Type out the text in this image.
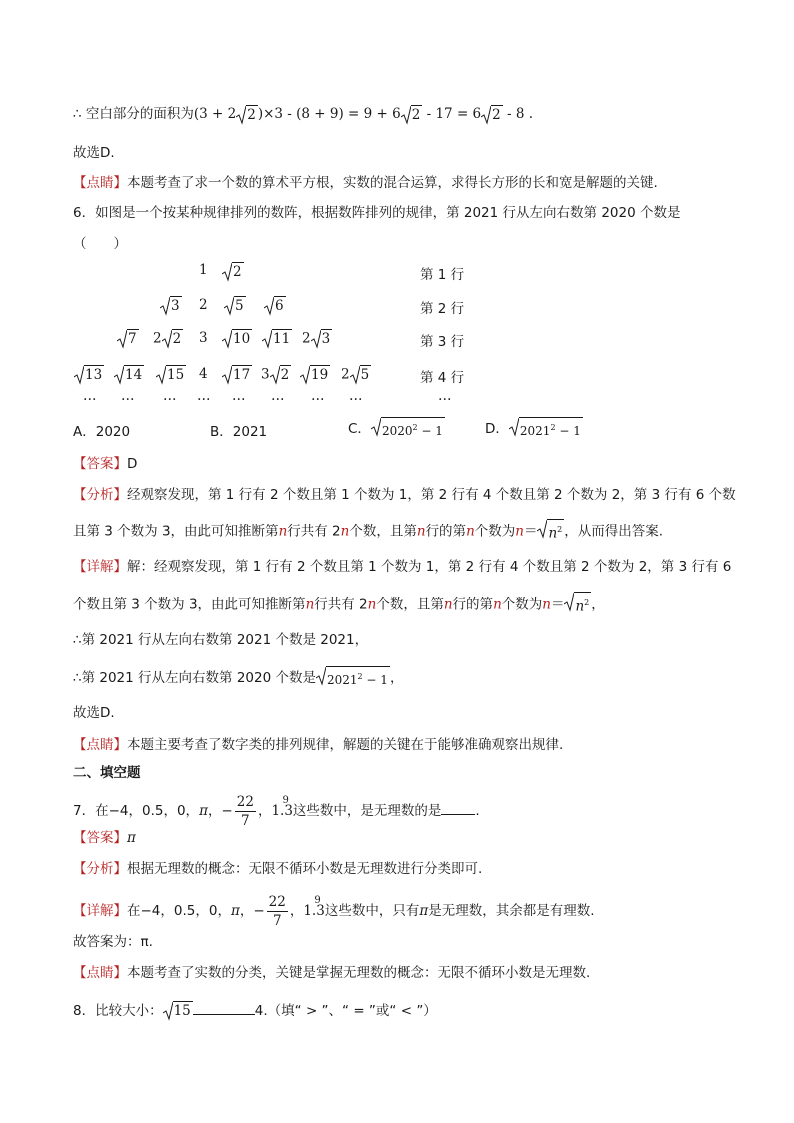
∴ 空白部分的面积为(3 + 2 2 )×3 - (8 + 9) = 9 + 6 2 - 17 = 6 2 - 8 .
故选D.
【点睛】本题考查了求一个数的算术平方根，实数的混合运算，求得长方形的长和宽是解题的关键.
6．如图是一个按某种规律排列的数阵，根据数阵排列的规律，第 2021 行从左向右数第 2020 个数是
（　　）
1 2	第 1 行
3 2 5 6	第 2 行
7 2 2 3 10 11 2 3	第 3 行
13 14 15 4 17 3 2 19 2 5	第 4 行
… … … … … … … …	…
A．2020	B．2021	C． $2020^2 - 1$	D． $2021^2 - 1$
【答案】D
【分析】经观察发现，第 1 行有 2 个数且第 1 个数为 1，第 2 行有 4 个数且第 2 个数为 2，第 3 行有 6 个数
且第 3 个数为 3，由此可知推断第n行共有 2n个数，且第n行的第n个数为$n= n^2$ ，从而得出答案.
【详解】解：经观察发现，第 1 行有 2 个数且第 1 个数为 1，第 2 行有 4 个数且第 2 个数为 2，第 3 行有 6
个数且第 3 个数为 3，由此可知推断第n行共有 2n个数，且第n行的第n个数为$n= n^2$ ，
∴第 2021 行从左向右数第 2021 个数是 2021，
∴第 2021 行从左向右数第 2020 个数是 $2021^2 - 1$ ，
故选D.
【点睛】本题主要考查了数字类的排列规律，解题的关键在于能够准确观察出规律.
二、填空题
7．在−4，0.5，0，π，− $\frac{22}{7}$ ，1.3
9
这些数中，是无理数的是	.
【答案】π
【分析】根据无理数的概念：无限不循环小数是无理数进行分类即可.
【详解】在−4，0.5，0，π，− $\frac{22}{7}$ ，1.3
9
这些数中，只有π是无理数，其余都是有理数.
故答案为：π.
【点睛】本题考查了实数的分类，关键是掌握无理数的概念：无限不循环小数是无理数.
8．比较大小： 15	4.（填“ > ”、“ = ”或“ < ”）
